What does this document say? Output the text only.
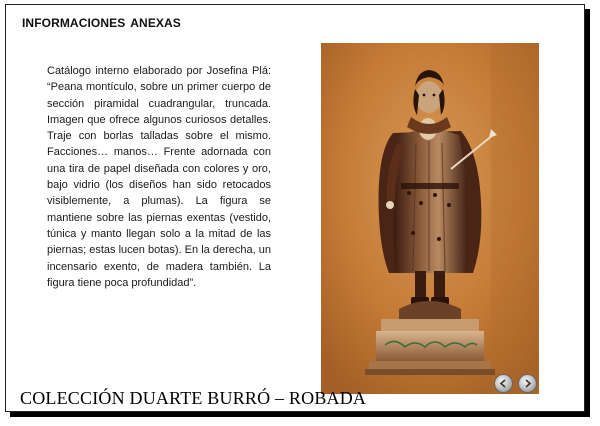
INFORMACIONES ANEXAS

Catálogo interno elaborado por Josefina Plá: “Peana montículo, sobre un primer cuerpo de sección piramidal cuadrangular, truncada. Imagen que ofrece algunos curiosos detalles. Traje con borlas talladas sobre el mismo. Facciones… manos… Frente adornada con una tira de papel diseñada con colores y oro, bajo vidrio (los diseños han sido retocados visiblemente, a plumas). La figura se mantiene sobre las piernas exentas (vestido, túnica y manto llegan solo a la mitad de las piernas; estas lucen botas). En la derecha, un incensario exento, de madera también. La figura tiene poca profundidad”.

COLECCIÓN DUARTE BURRÓ – ROBADA
